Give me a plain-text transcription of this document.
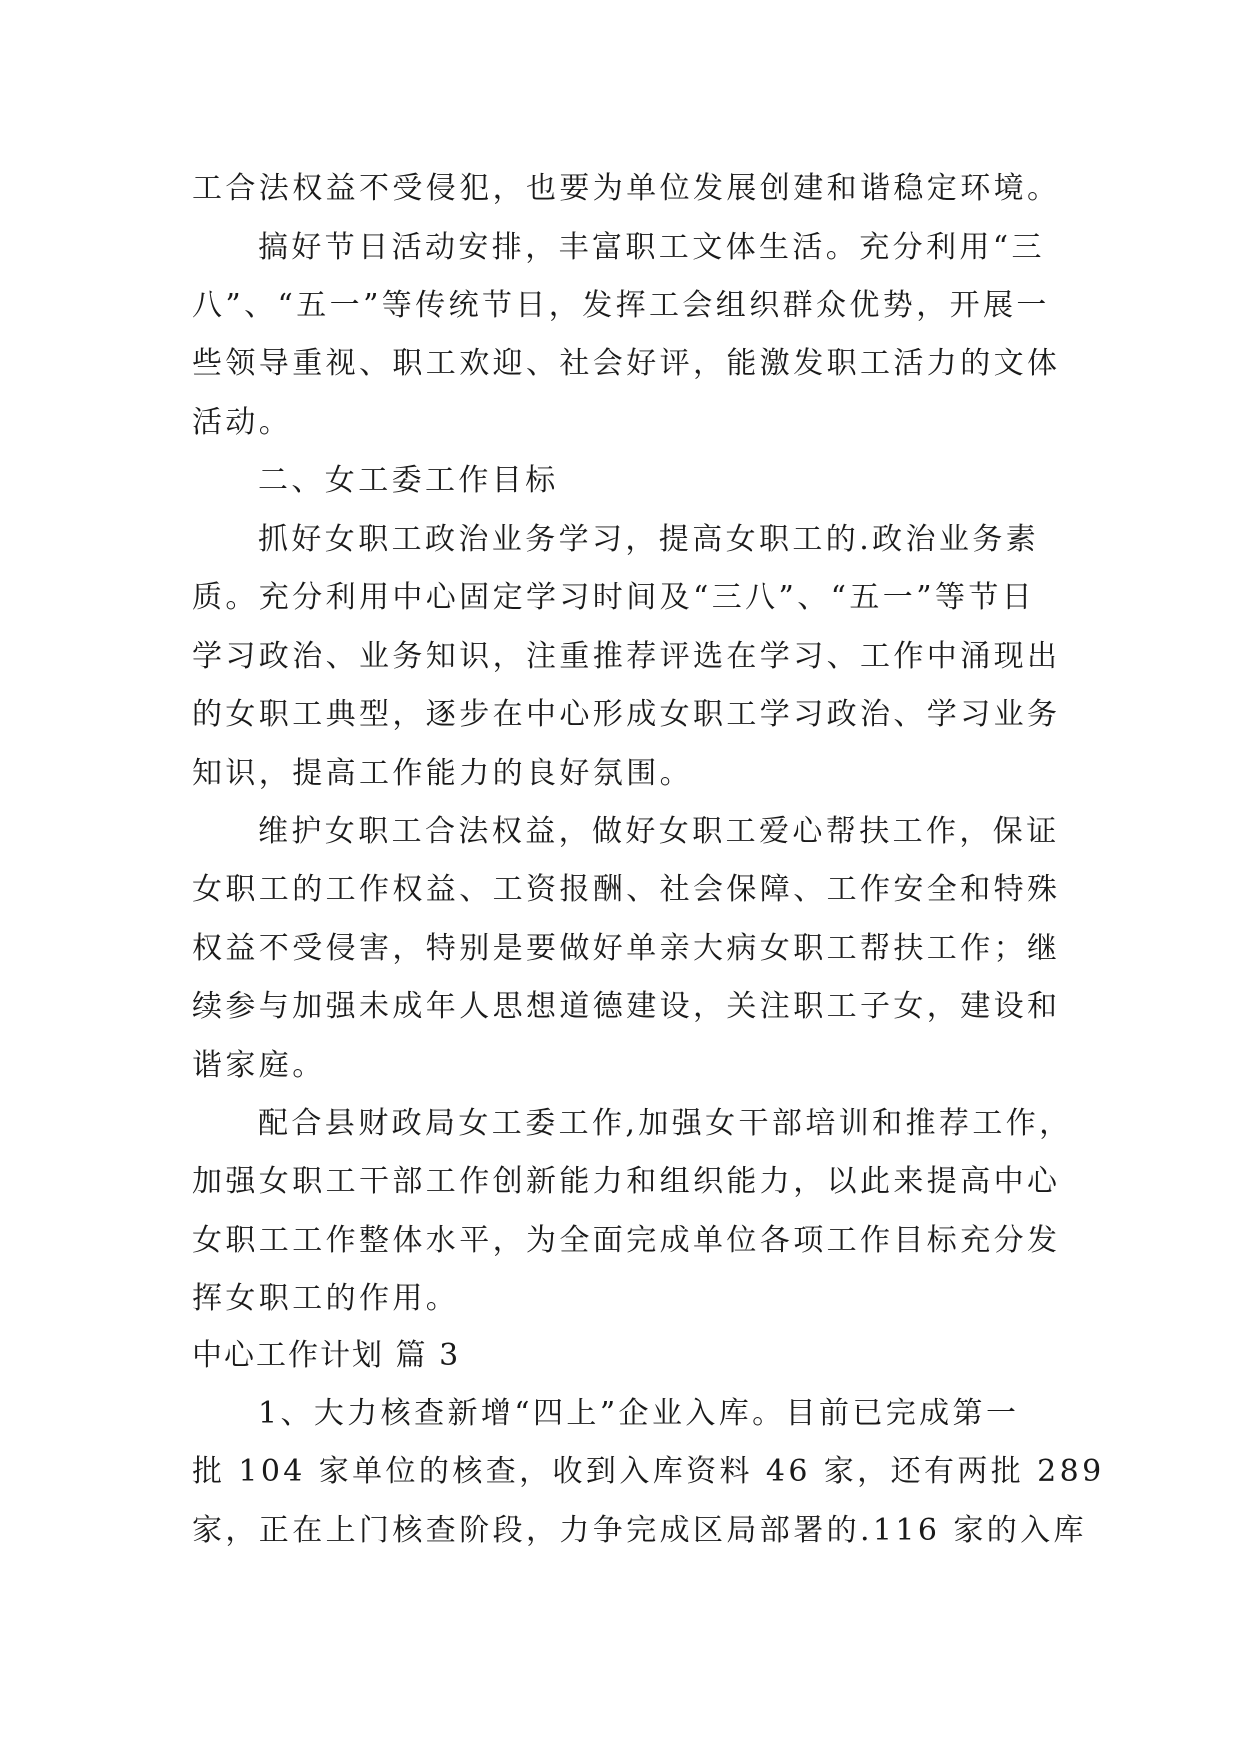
工合法权益不受侵犯，也要为单位发展创建和谐稳定环境。
搞好节日活动安排，丰富职工文体生活。充分利用“三
八”、“五一”等传统节日，发挥工会组织群众优势，开展一
些领导重视、职工欢迎、社会好评，能激发职工活力的文体
活动。
二、女工委工作目标
抓好女职工政治业务学习，提高女职工的.政治业务素
质。充分利用中心固定学习时间及“三八”、“五一”等节日
学习政治、业务知识，注重推荐评选在学习、工作中涌现出
的女职工典型，逐步在中心形成女职工学习政治、学习业务
知识，提高工作能力的良好氛围。
维护女职工合法权益，做好女职工爱心帮扶工作，保证
女职工的工作权益、工资报酬、社会保障、工作安全和特殊
权益不受侵害，特别是要做好单亲大病女职工帮扶工作；继
续参与加强未成年人思想道德建设，关注职工子女，建设和
谐家庭。
配合县财政局女工委工作,加强女干部培训和推荐工作，
加强女职工干部工作创新能力和组织能力，以此来提高中心
女职工工作整体水平，为全面完成单位各项工作目标充分发
挥女职工的作用。
中心工作计划 篇 3
1、大力核查新增“四上”企业入库。目前已完成第一
批 104 家单位的核查，收到入库资料 46 家，还有两批 289
家，正在上门核查阶段，力争完成区局部署的.116 家的入库
